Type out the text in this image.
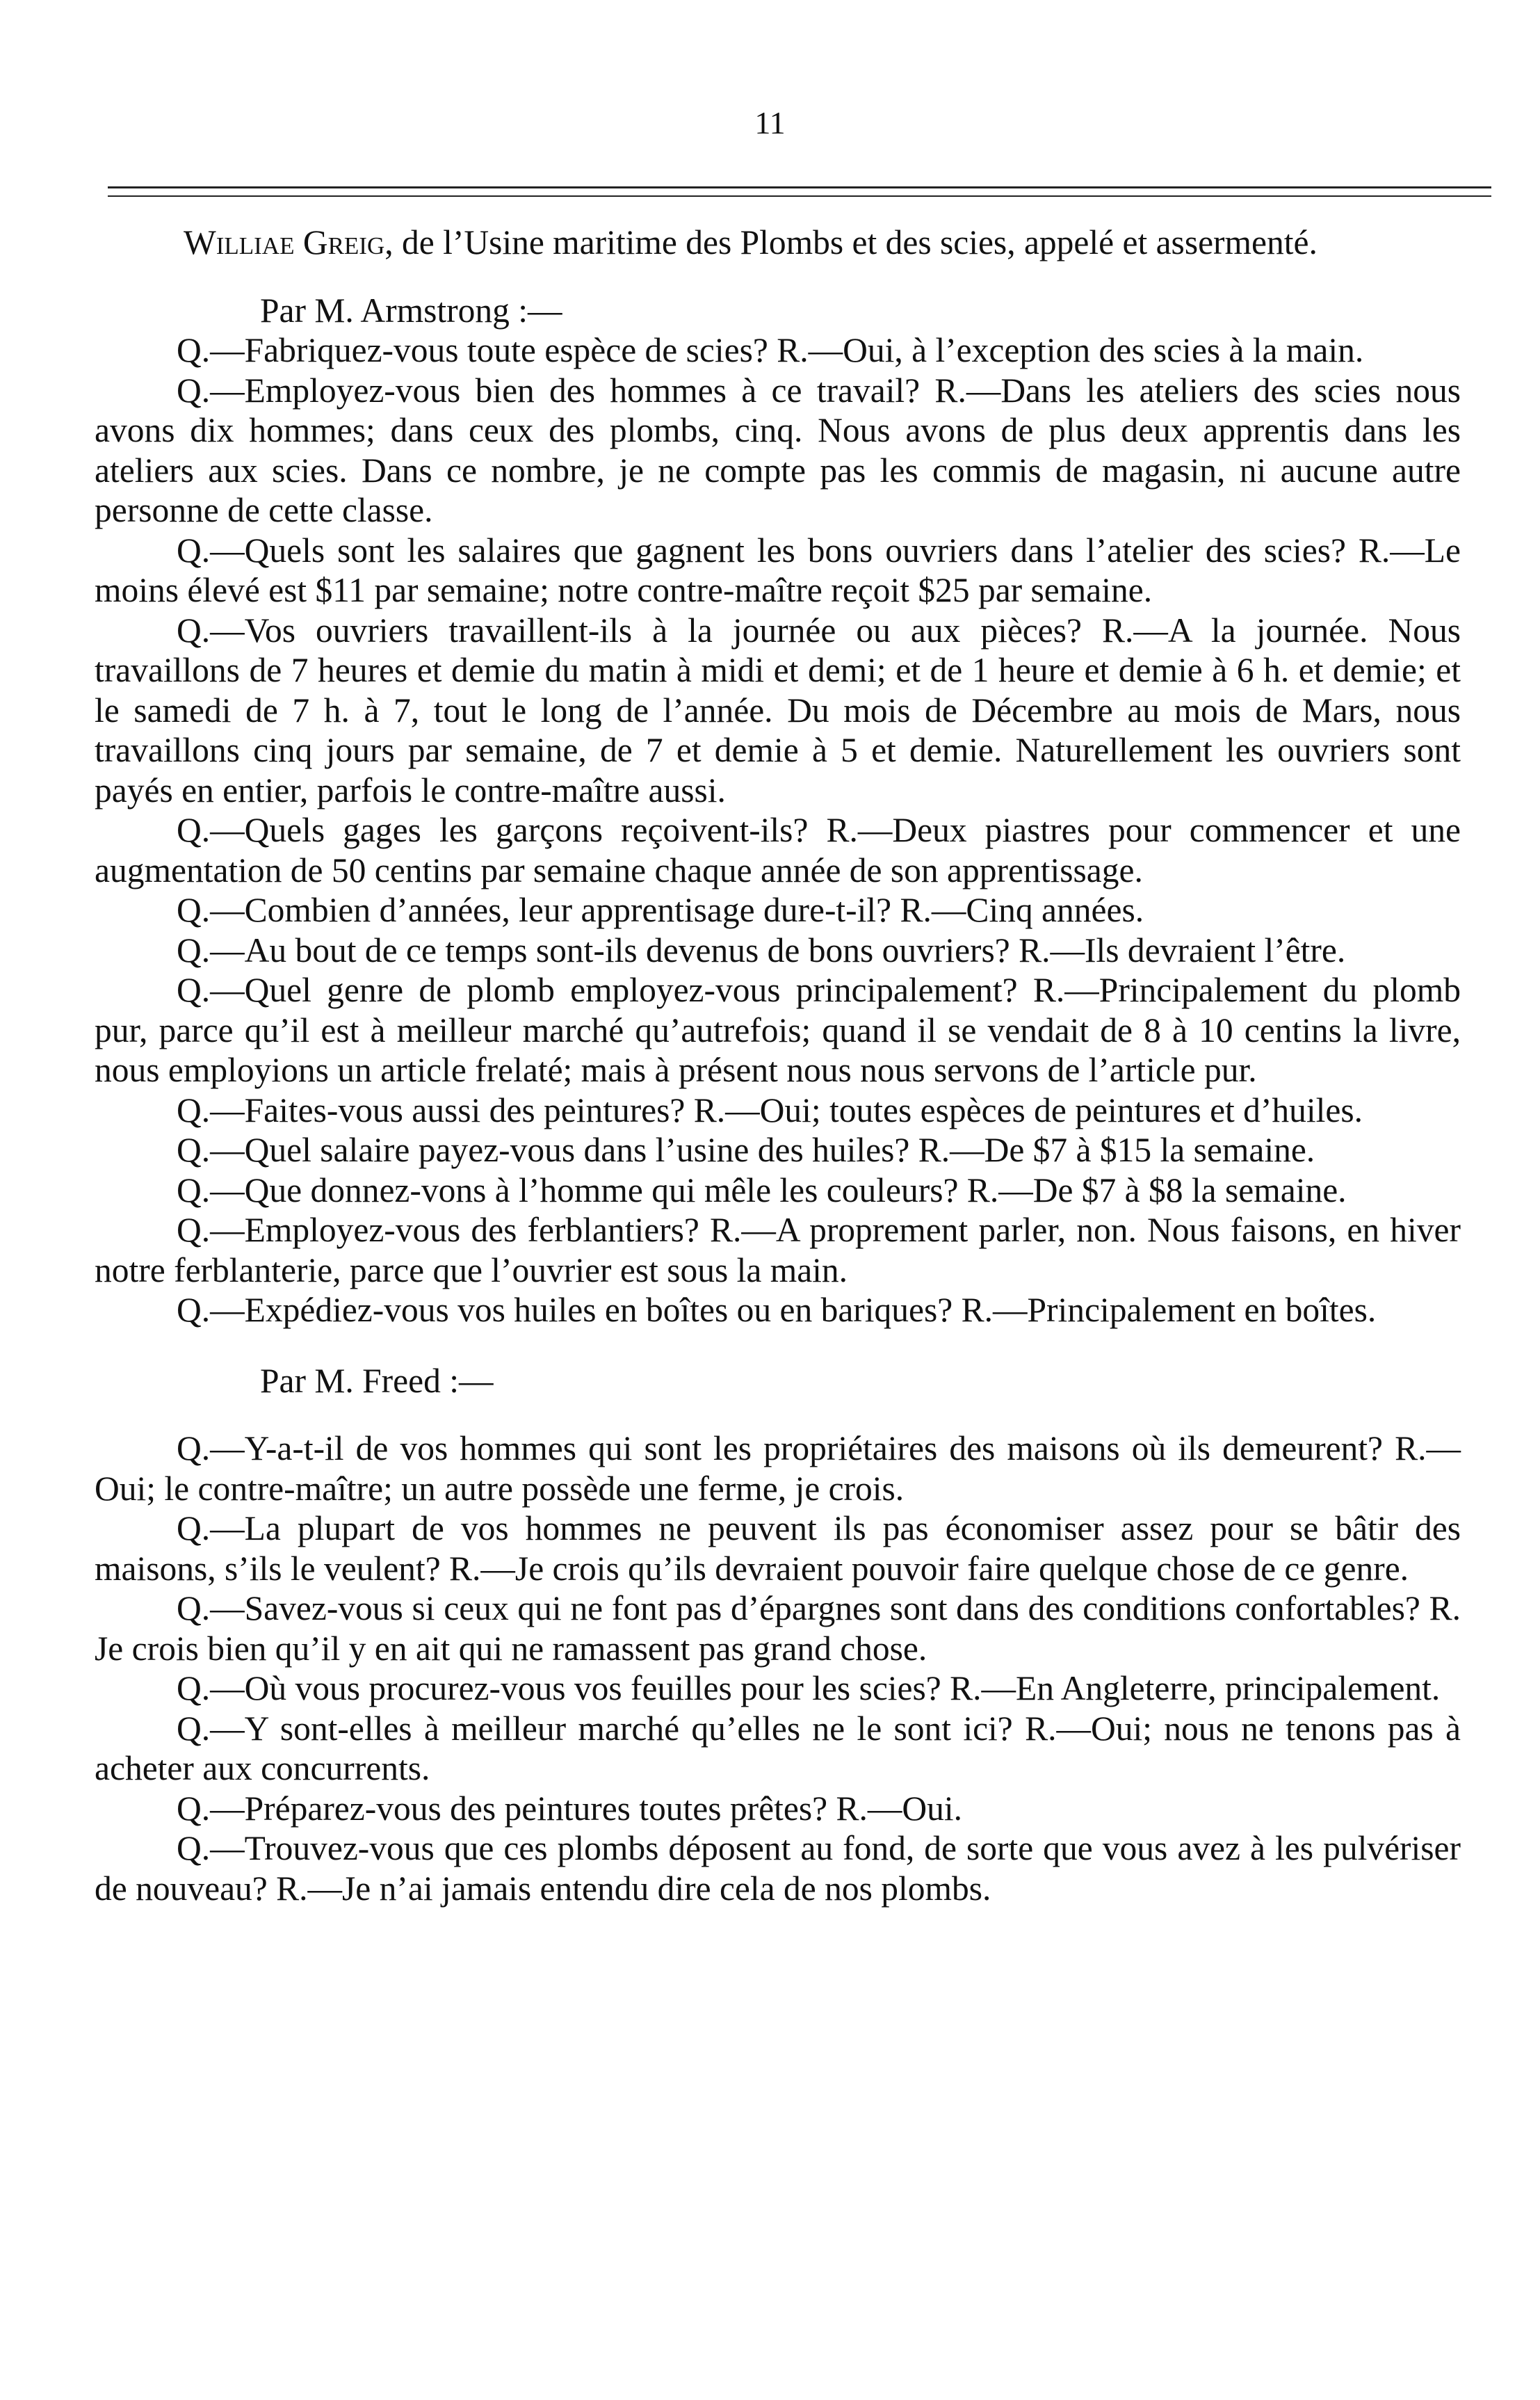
11

Williae Greig, de l’Usine maritime des Plombs et des scies, appelé et assermenté.

Par M. Armstrong :—

Q.—Fabriquez-vous toute espèce de scies? R.—Oui, à l’exception des scies à la main.

Q.—Employez-vous bien des hommes à ce travail? R.—Dans les ateliers des scies nous avons dix hommes; dans ceux des plombs, cinq. Nous avons de plus deux apprentis dans les ateliers aux scies. Dans ce nombre, je ne compte pas les commis de magasin, ni aucune autre personne de cette classe.

Q.—Quels sont les salaires que gagnent les bons ouvriers dans l’atelier des scies? R.—Le moins élevé est $11 par semaine; notre contre-maître reçoit $25 par semaine.

Q.—Vos ouvriers travaillent-ils à la journée ou aux pièces? R.—A la journée. Nous travaillons de 7 heures et demie du matin à midi et demi; et de 1 heure et demie à 6 h. et demie; et le samedi de 7 h. à 7, tout le long de l’année. Du mois de Décembre au mois de Mars, nous travaillons cinq jours par semaine, de 7 et demie à 5 et demie. Naturellement les ouvriers sont payés en entier, parfois le contre-maître aussi.

Q.—Quels gages les garçons reçoivent-ils? R.—Deux piastres pour commencer et une augmentation de 50 centins par semaine chaque année de son apprentissage.

Q.—Combien d’années, leur apprentisage dure-t-il? R.—Cinq années.

Q.—Au bout de ce temps sont-ils devenus de bons ouvriers? R.—Ils devraient l’être.

Q.—Quel genre de plomb employez-vous principalement? R.—Principalement du plomb pur, parce qu’il est à meilleur marché qu’autrefois; quand il se vendait de 8 à 10 centins la livre, nous employions un article frelaté; mais à présent nous nous servons de l’article pur.

Q.—Faites-vous aussi des peintures? R.—Oui; toutes espèces de peintures et d’huiles.

Q.—Quel salaire payez-vous dans l’usine des huiles? R.—De $7 à $15 la semaine.

Q.—Que donnez-vons à l’homme qui mêle les couleurs? R.—De $7 à $8 la semaine.

Q.—Employez-vous des ferblantiers? R.—A proprement parler, non. Nous faisons, en hiver notre ferblanterie, parce que l’ouvrier est sous la main.

Q.—Expédiez-vous vos huiles en boîtes ou en bariques? R.—Principalement en boîtes.

Par M. Freed :—

Q.—Y-a-t-il de vos hommes qui sont les propriétaires des maisons où ils demeurent? R.—Oui; le contre-maître; un autre possède une ferme, je crois.

Q.—La plupart de vos hommes ne peuvent ils pas économiser assez pour se bâtir des maisons, s’ils le veulent? R.—Je crois qu’ils devraient pouvoir faire quelque chose de ce genre.

Q.—Savez-vous si ceux qui ne font pas d’épargnes sont dans des conditions confortables? R. Je crois bien qu’il y en ait qui ne ramassent pas grand chose.

Q.—Où vous procurez-vous vos feuilles pour les scies? R.—En Angleterre, principalement.

Q.—Y sont-elles à meilleur marché qu’elles ne le sont ici? R.—Oui; nous ne tenons pas à acheter aux concurrents.

Q.—Préparez-vous des peintures toutes prêtes? R.—Oui.

Q.—Trouvez-vous que ces plombs déposent au fond, de sorte que vous avez à les pulvériser de nouveau? R.—Je n’ai jamais entendu dire cela de nos plombs.
